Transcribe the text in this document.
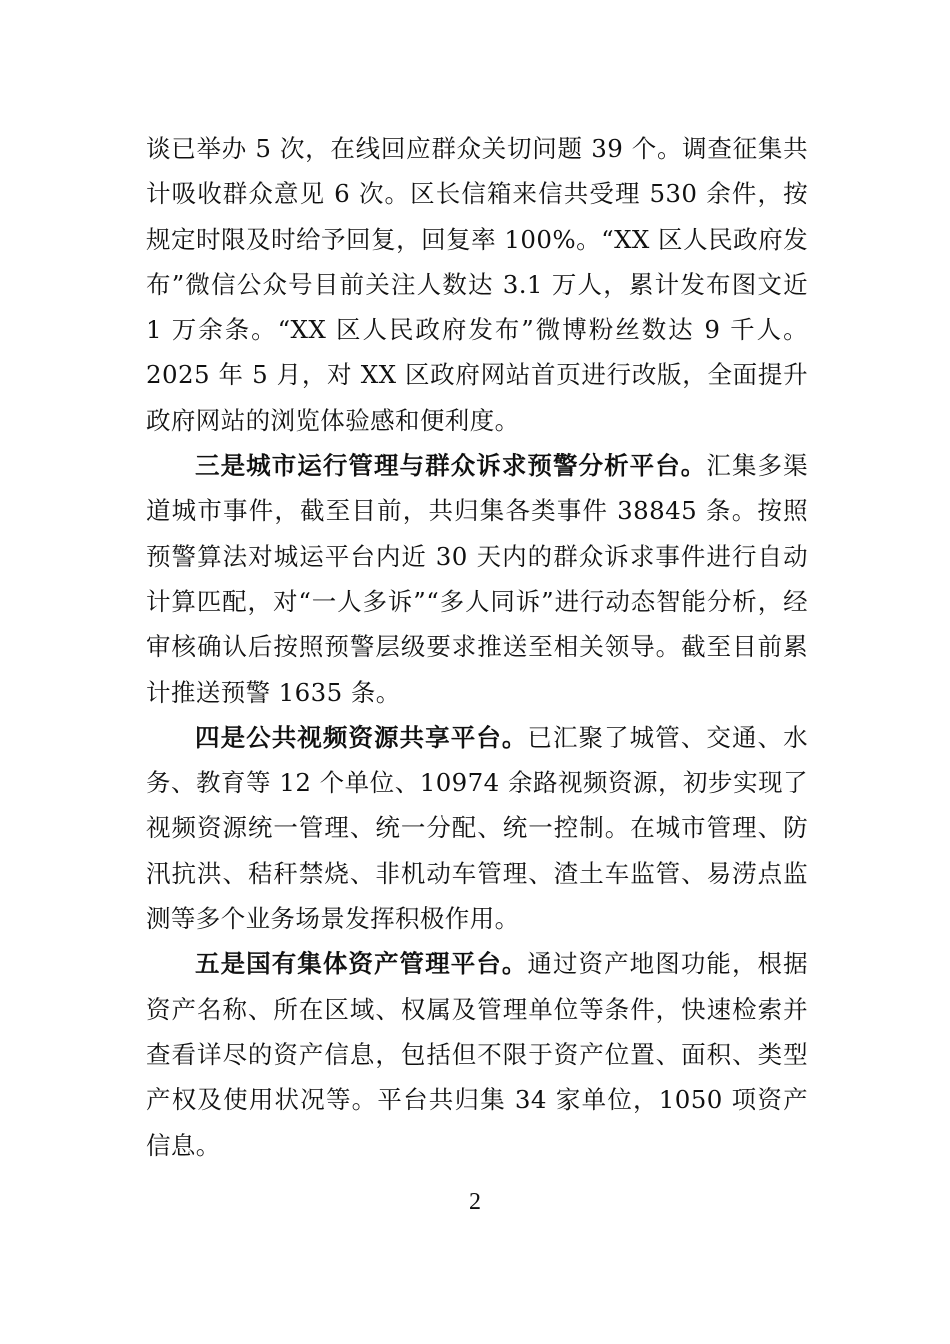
谈已举办 5 次，在线回应群众关切问题 39 个。调查征集共计吸收群众意见 6 次。区长信箱来信共受理 530 余件，按规定时限及时给予回复，回复率 100%。“XX 区人民政府发布”微信公众号目前关注人数达 3.1 万人，累计发布图文近 1 万余条。“XX 区人民政府发布”微博粉丝数达 9 千人。2025 年 5 月，对 XX 区政府网站首页进行改版，全面提升政府网站的浏览体验感和便利度。

三是城市运行管理与群众诉求预警分析平台。汇集多渠道城市事件，截至目前，共归集各类事件 38845 条。按照预警算法对城运平台内近 30 天内的群众诉求事件进行自动计算匹配，对“一人多诉”“多人同诉”进行动态智能分析，经审核确认后按照预警层级要求推送至相关领导。截至目前累计推送预警 1635 条。

四是公共视频资源共享平台。已汇聚了城管、交通、水务、教育等 12 个单位、10974 余路视频资源，初步实现了视频资源统一管理、统一分配、统一控制。在城市管理、防汛抗洪、秸秆禁烧、非机动车管理、渣土车监管、易涝点监测等多个业务场景发挥积极作用。

五是国有集体资产管理平台。通过资产地图功能，根据资产名称、所在区域、权属及管理单位等条件，快速检索并查看详尽的资产信息，包括但不限于资产位置、面积、类型产权及使用状况等。平台共归集 34 家单位，1050 项资产信息。

2
